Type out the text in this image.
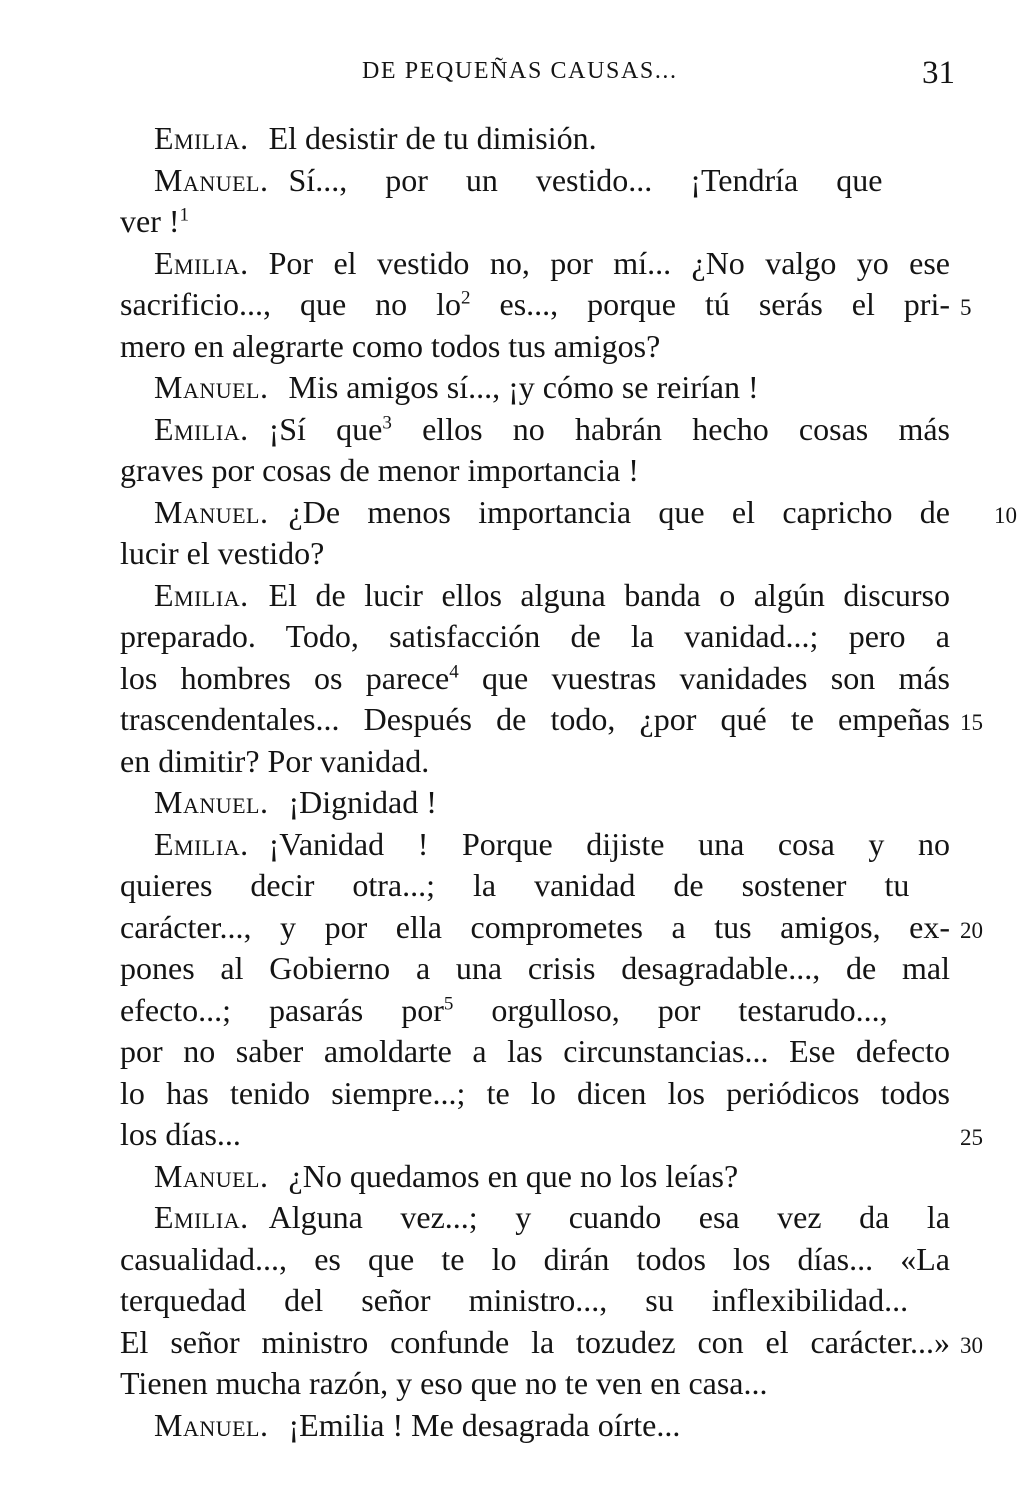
DE PEQUEÑAS CAUSAS...	31
Emilia. El desistir de tu dimisión.
Manuel. Sí..., por un vestido... ¡Tendría que
ver !$^1$
Emilia. Por el vestido no, por mí... ¿No valgo yo ese
sacrificio..., que no $lo^2$ es..., porque tú serás el pri- 5
mero en alegrarte como todos tus amigos?
Manuel. Mis amigos sí..., ¡y cómo se reirían !
Emilia. ¡Sí que$^3$ ellos no habrán hecho cosas más
graves por cosas de menor importancia !
Manuel. ¿De menos importancia que el capricho de	10
lucir el vestido?
Emilia. El de lucir ellos alguna banda o algún discurso
preparado. Todo, satisfacción de la vanidad...; pero a
los hombres os parece$^4$ que vuestras vanidades son más
trascendentales... Después de todo, ¿por qué te empeñas 15
en dimitir? Por vanidad.
Manuel. ¡Dignidad !
Emilia. ¡Vanidad ! Porque dijiste una cosa y no
quieres decir otra...; la vanidad de sostener tu
carácter..., y por ella comprometes a tus amigos, ex- 20
pones al Gobierno a una crisis desagradable..., de mal
efecto...; pasarás por$^5$ orgulloso, por testarudo...,
por no saber amoldarte a las circunstancias... Ese defecto
lo has tenido siempre...; te lo dicen los periódicos todos
los días...	25
Manuel. ¿No quedamos en que no los leías?
Emilia. Alguna vez...; y cuando esa vez da la
casualidad..., es que te lo dirán todos los días... «La
terquedad del señor ministro..., su inflexibilidad...
El señor ministro confunde la tozudez con el carácter...» 30
Tienen mucha razón, y eso que no te ven en casa...
Manuel. ¡Emilia ! Me desagrada oírte...
